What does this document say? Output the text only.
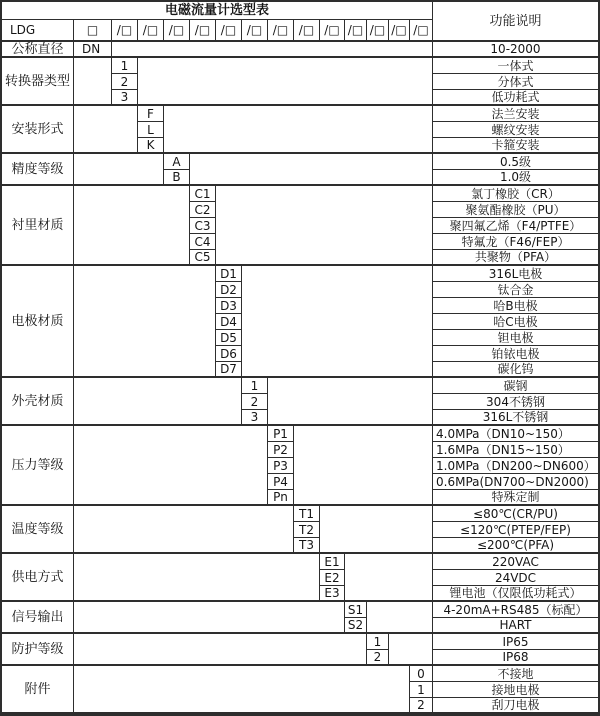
电磁流量计选型表
功能说明
LDG	□	/□ /□ /□ /□ /□ /□ /□ /□ /□ /□ /□ /□ /□
公称直径	DN	10-2000
转换器类型
1	一体式
2	分体式
3	低功耗式
安装形式
F	法兰安装
L	螺纹安装
K	卡箍安装
精度等级	A	0.5级
B	1.0级
衬里材质
C1	氯丁橡胶（CR）
C2	聚氨酯橡胶（PU）
C3	聚四氟乙烯（F4/PTFE）
C4	特氟龙（F46/FEP）
C5	共聚物（PFA）
电极材质
D1	316L电极
D2	钛合金
D3	哈B电极
D4	哈C电极
D5	钽电极
D6	铂铱电极
D7	碳化钨
外壳材质
1	碳钢
2	304不锈钢
3	316L不锈钢
压力等级
P1	4.0MPa（DN10~150）
P2	1.6MPa（DN15~150）
P3	1.0MPa（DN200~DN600）
P4	0.6MPa(DN700~DN2000)
Pn	特殊定制
温度等级
T1	≤80℃(CR/PU)
T2	≤120℃(PTEP/FEP)
T3	≤200℃(PFA)
供电方式
E1	220VAC
E2	24VDC
E3	锂电池（仅限低功耗式）
信号输出	S1	4-20mA+RS485（标配）
S2	HART
防护等级	1	IP65
2	IP68
附件
0	不接地
1	接地电极
2	刮刀电极
